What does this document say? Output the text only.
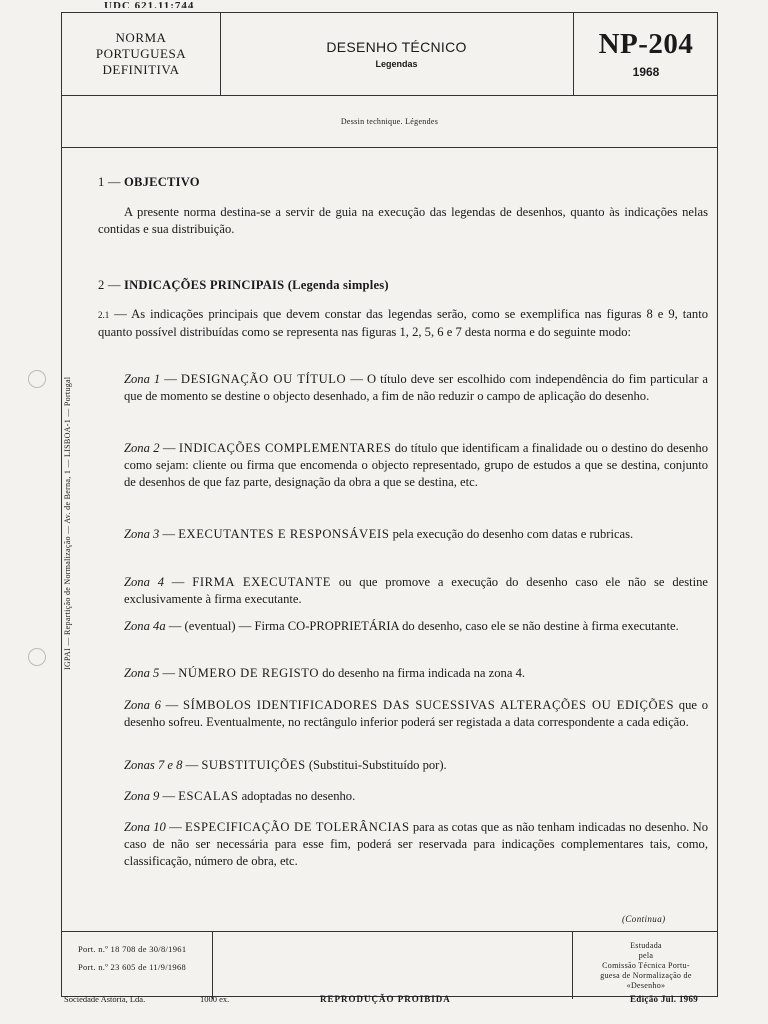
UDC 621.11:744
IGPAI — Repartição de Normalização — Av. de Berna, 1 — LISBOA-1 — Portugal
NORMA
PORTUGUESA
DEFINITIVA
DESENHO TÉCNICO
Legendas
NP-204
1968
Dessin technique. Légendes
1 — OBJECTIVO
A presente norma destina-se a servir de guia na execução das legendas de desenhos, quanto às indicações nelas contidas e sua distribuição.
2 — INDICAÇÕES PRINCIPAIS (Legenda simples)
2.1 — As indicações principais que devem constar das legendas serão, como se exemplifica nas figuras 8 e 9, tanto quanto possível distribuídas como se representa nas figuras 1, 2, 5, 6 e 7 desta norma e do seguinte modo:
Zona 1 — DESIGNAÇÃO OU TÍTULO — O título deve ser escolhido com independência do fim particular a que de momento se destine o objecto desenhado, a fim de não reduzir o campo de aplicação do desenho.
Zona 2 — INDICAÇÕES COMPLEMENTARES do título que identificam a finalidade ou o destino do desenho como sejam: cliente ou firma que encomenda o objecto representado, grupo de estudos a que se destina, conjunto de desenhos de que faz parte, designação da obra a que se destina, etc.
Zona 3 — EXECUTANTES E RESPONSÁVEIS pela execução do desenho com datas e rubricas.
Zona 4 — FIRMA EXECUTANTE ou que promove a execução do desenho caso ele não se destine exclusivamente à firma executante.
Zona 4a — (eventual) — Firma CO-PROPRIETÁRIA do desenho, caso ele se não destine à firma executante.
Zona 5 — NÚMERO DE REGISTO do desenho na firma indicada na zona 4.
Zona 6 — SÍMBOLOS IDENTIFICADORES DAS SUCESSIVAS ALTERAÇÕES OU EDIÇÕES que o desenho sofreu. Eventualmente, no rectângulo inferior poderá ser registada a data correspondente a cada edição.
Zonas 7 e 8 — SUBSTITUIÇÕES (Substitui-Substituído por).
Zona 9 — ESCALAS adoptadas no desenho.
Zona 10 — ESPECIFICAÇÃO DE TOLERÂNCIAS para as cotas que as não tenham indicadas no desenho. No caso de não ser necessária para esse fim, poderá ser reservada para indicações complementares tais, como, classificação, número de obra, etc.
(Continua)
Port. n.º 18 708 de 30/8/1961
Port. n.º 23 605 de 11/9/1968
Estudada
pela
Comissão Técnica Portu-
guesa de Normalização de
«Desenho»
Sociedade Astória, Lda.	1000 ex.	REPRODUÇÃO PROIBIDA	Edição Jul. 1969
